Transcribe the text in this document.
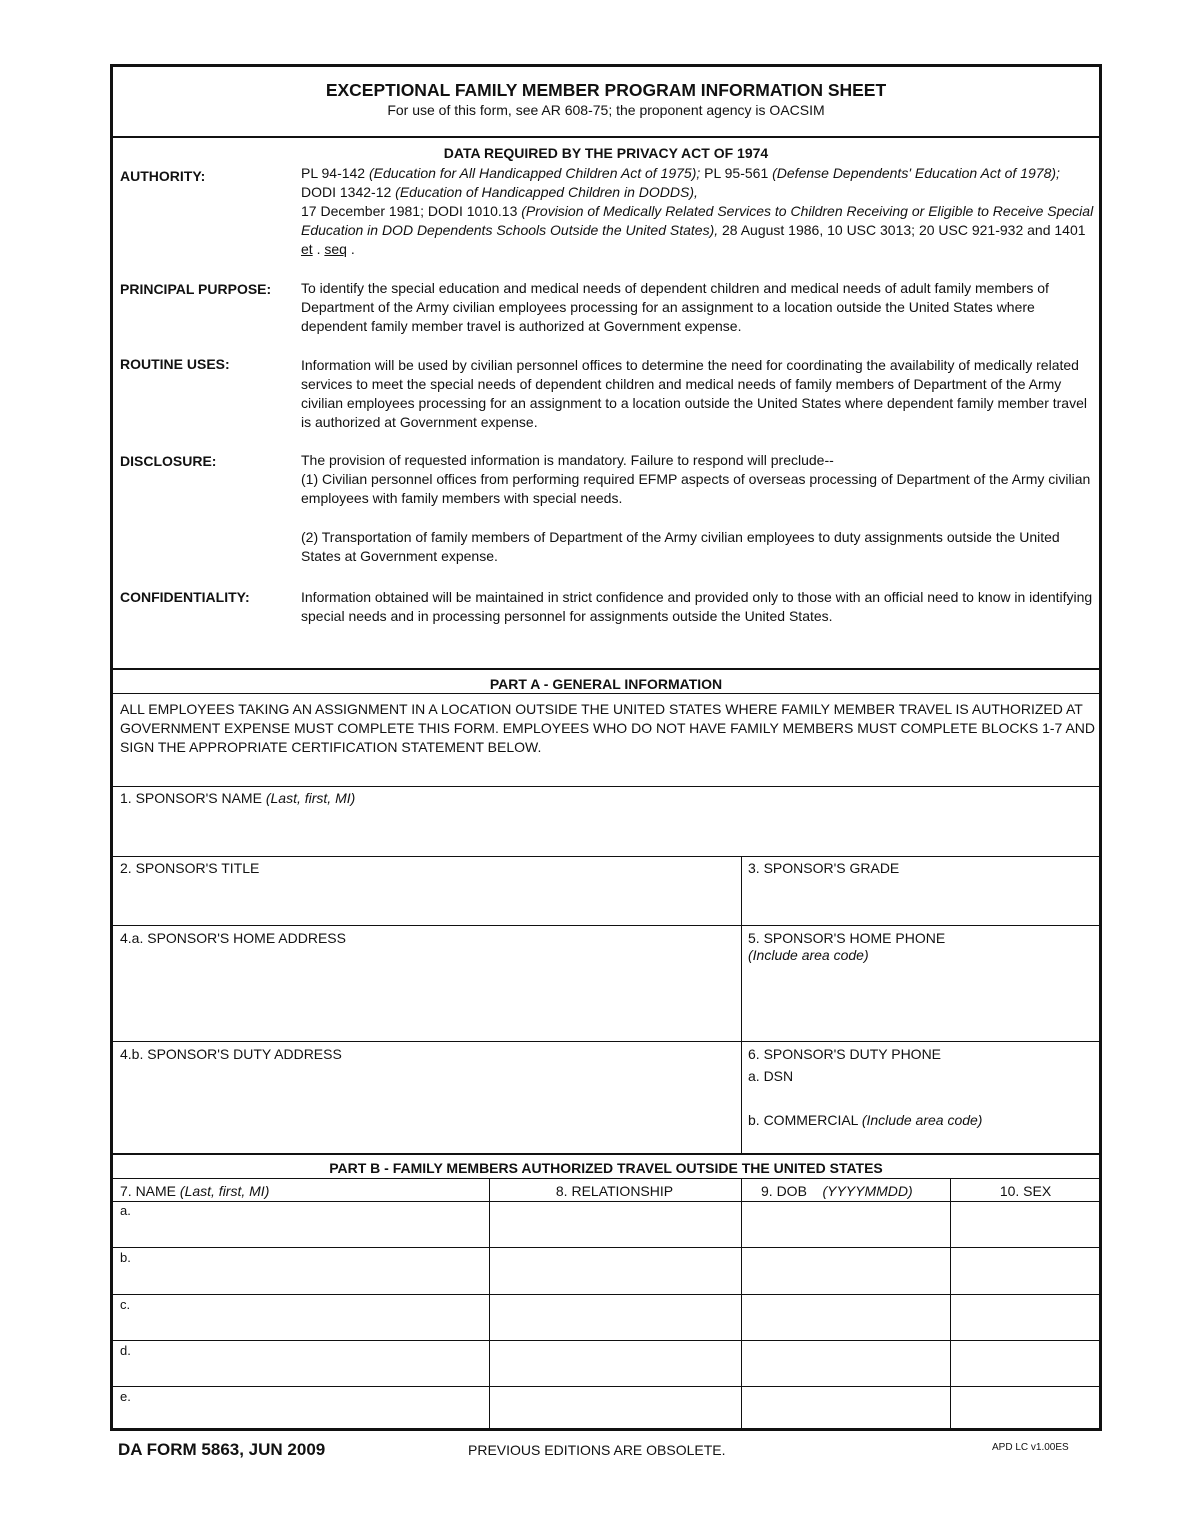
EXCEPTIONAL FAMILY MEMBER PROGRAM INFORMATION SHEET
For use of this form, see AR 608-75; the proponent agency is OACSIM
DATA REQUIRED BY THE PRIVACY ACT OF 1974
AUTHORITY:	PL 94-142 (Education for All Handicapped Children Act of 1975); PL 95-561 (Defense Dependents' Education Act of 1978); DODI 1342-12 (Education of Handicapped Children in DODDS),
17 December 1981; DODI 1010.13 (Provision of Medically Related Services to Children Receiving or Eligible to Receive Special Education in DOD Dependents Schools Outside the United States), 28 August 1986, 10 USC 3013; 20 USC 921-932 and 1401 et . seq .
PRINCIPAL PURPOSE: To identify the special education and medical needs of dependent children and medical needs of adult family members of Department of the Army civilian employees processing for an assignment to a location outside the United States where dependent family member travel is authorized at Government expense.
ROUTINE USES:	Information will be used by civilian personnel offices to determine the need for coordinating the availability of medically related services to meet the special needs of dependent children and medical needs of family members of Department of the Army civilian employees processing for an assignment to a location outside the United States where dependent family member travel is authorized at Government expense.
DISCLOSURE:	The provision of requested information is mandatory. Failure to respond will preclude--
(1) Civilian personnel offices from performing required EFMP aspects of overseas processing of Department of the Army civilian employees with family members with special needs.
(2) Transportation of family members of Department of the Army civilian employees to duty assignments outside the United States at Government expense.
CONFIDENTIALITY:	Information obtained will be maintained in strict confidence and provided only to those with an official need to know in identifying special needs and in processing personnel for assignments outside the United States.
PART A - GENERAL INFORMATION
ALL EMPLOYEES TAKING AN ASSIGNMENT IN A LOCATION OUTSIDE THE UNITED STATES WHERE FAMILY MEMBER TRAVEL IS AUTHORIZED AT GOVERNMENT EXPENSE MUST COMPLETE THIS FORM. EMPLOYEES WHO DO NOT HAVE FAMILY MEMBERS MUST COMPLETE BLOCKS 1-7 AND SIGN THE APPROPRIATE CERTIFICATION STATEMENT BELOW.
1. SPONSOR'S NAME (Last, first, MI)
2. SPONSOR'S TITLE	3. SPONSOR'S GRADE
4.a. SPONSOR'S HOME ADDRESS	5. SPONSOR'S HOME PHONE
(Include area code)
4.b. SPONSOR'S DUTY ADDRESS	6. SPONSOR'S DUTY PHONE
a. DSN
b. COMMERCIAL (Include area code)
PART B - FAMILY MEMBERS AUTHORIZED TRAVEL OUTSIDE THE UNITED STATES
7. NAME (Last, first, MI)	8. RELATIONSHIP	9. DOB (YYYYMMDD)	10. SEX
a.
b.
c.
d.
e.
DA FORM 5863, JUN 2009	PREVIOUS EDITIONS ARE OBSOLETE.	APD LC v1.00ES
